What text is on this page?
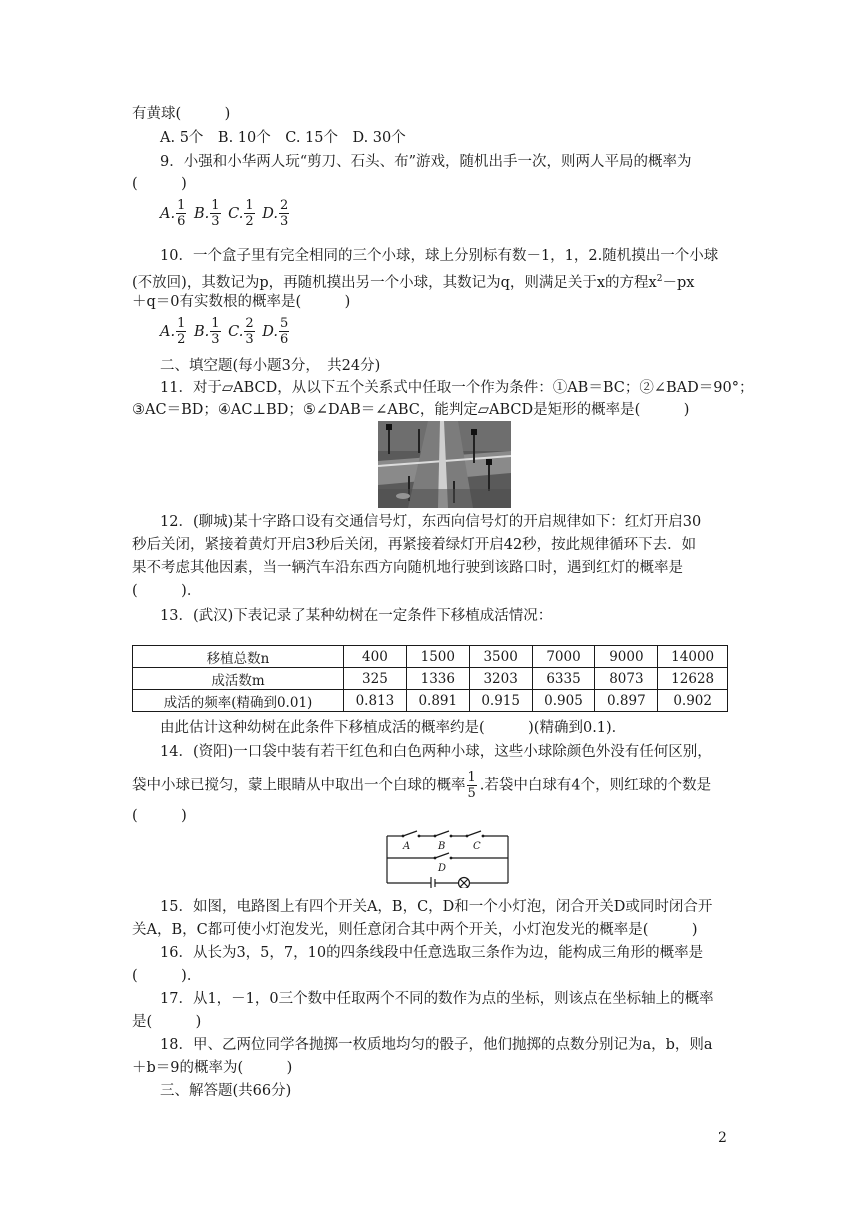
有黄球(　　　)
A. 5个　B. 10个　C. 15个　D. 30个
9．小强和小华两人玩“剪刀、石头、布”游戏，随机出手一次，则两人平局的概率为
(　　　)
A. $\frac{1}{6} B$. $\frac{1}{3} C$. $\frac{1}{2} D$. $\frac{2}{3}$
10．一个盒子里有完全相同的三个小球，球上分别标有数－1，1，2.随机摸出一个小球
(不放回)，其数记为p，再随机摸出另一个小球，其数记为q，则满足关于x的方程$x^2-px$
＋q＝0有实数根的概率是(　　　)
A. $\frac{1}{2} B$. $\frac{1}{3} C$. $\frac{2}{3} D$. $\frac{5}{6}$
二、填空题(每小题3分，　共24分)
11．对于▱ABCD，从以下五个关系式中任取一个作为条件：①AB＝BC；②∠BAD＝90°；
③AC＝BD；④AC⊥BD；⑤∠DAB＝∠ABC，能判定▱ABCD是矩形的概率是(　　　)
12．(聊城)某十字路口设有交通信号灯，东西向信号灯的开启规律如下：红灯开启30
秒后关闭，紧接着黄灯开启3秒后关闭，再紧接着绿灯开启42秒，按此规律循环下去．如
果不考虑其他因素，当一辆汽车沿东西方向随机地行驶到该路口时，遇到红灯的概率是
(　　　)．
13．(武汉)下表记录了某种幼树在一定条件下移植成活情况：
移植总数n	400	1500	3500	7000	9000	14000
成活数m	325	1336	3203	6335	8073	12628
成活的频率(精确到0.01)	0.813	0.891	0.915	0.905	0.897	0.902
由此估计这种幼树在此条件下移植成活的概率约是(　　　)(精确到0.1)．
14．(资阳)一口袋中装有若干红色和白色两种小球，这些小球除颜色外没有任何区别，
袋中小球已搅匀，蒙上眼睛从中取出一个白球的概率 $\frac{1}{5}$ .若袋中白球有4个，则红球的个数是
(　　　)
A	B	C
D
15．如图，电路图上有四个开关A，B，C，D和一个小灯泡，闭合开关D或同时闭合开
关A，B，C都可使小灯泡发光，则任意闭合其中两个开关，小灯泡发光的概率是(　　　)
16．从长为3，5，7，10的四条线段中任意选取三条作为边，能构成三角形的概率是
(　　　)．
17．从1，－1，0三个数中任取两个不同的数作为点的坐标，则该点在坐标轴上的概率
是(　　　)
18．甲、乙两位同学各抛掷一枚质地均匀的骰子，他们抛掷的点数分别记为a，b，则a
＋b＝9的概率为(　　　)
三、解答题(共66分)
2
